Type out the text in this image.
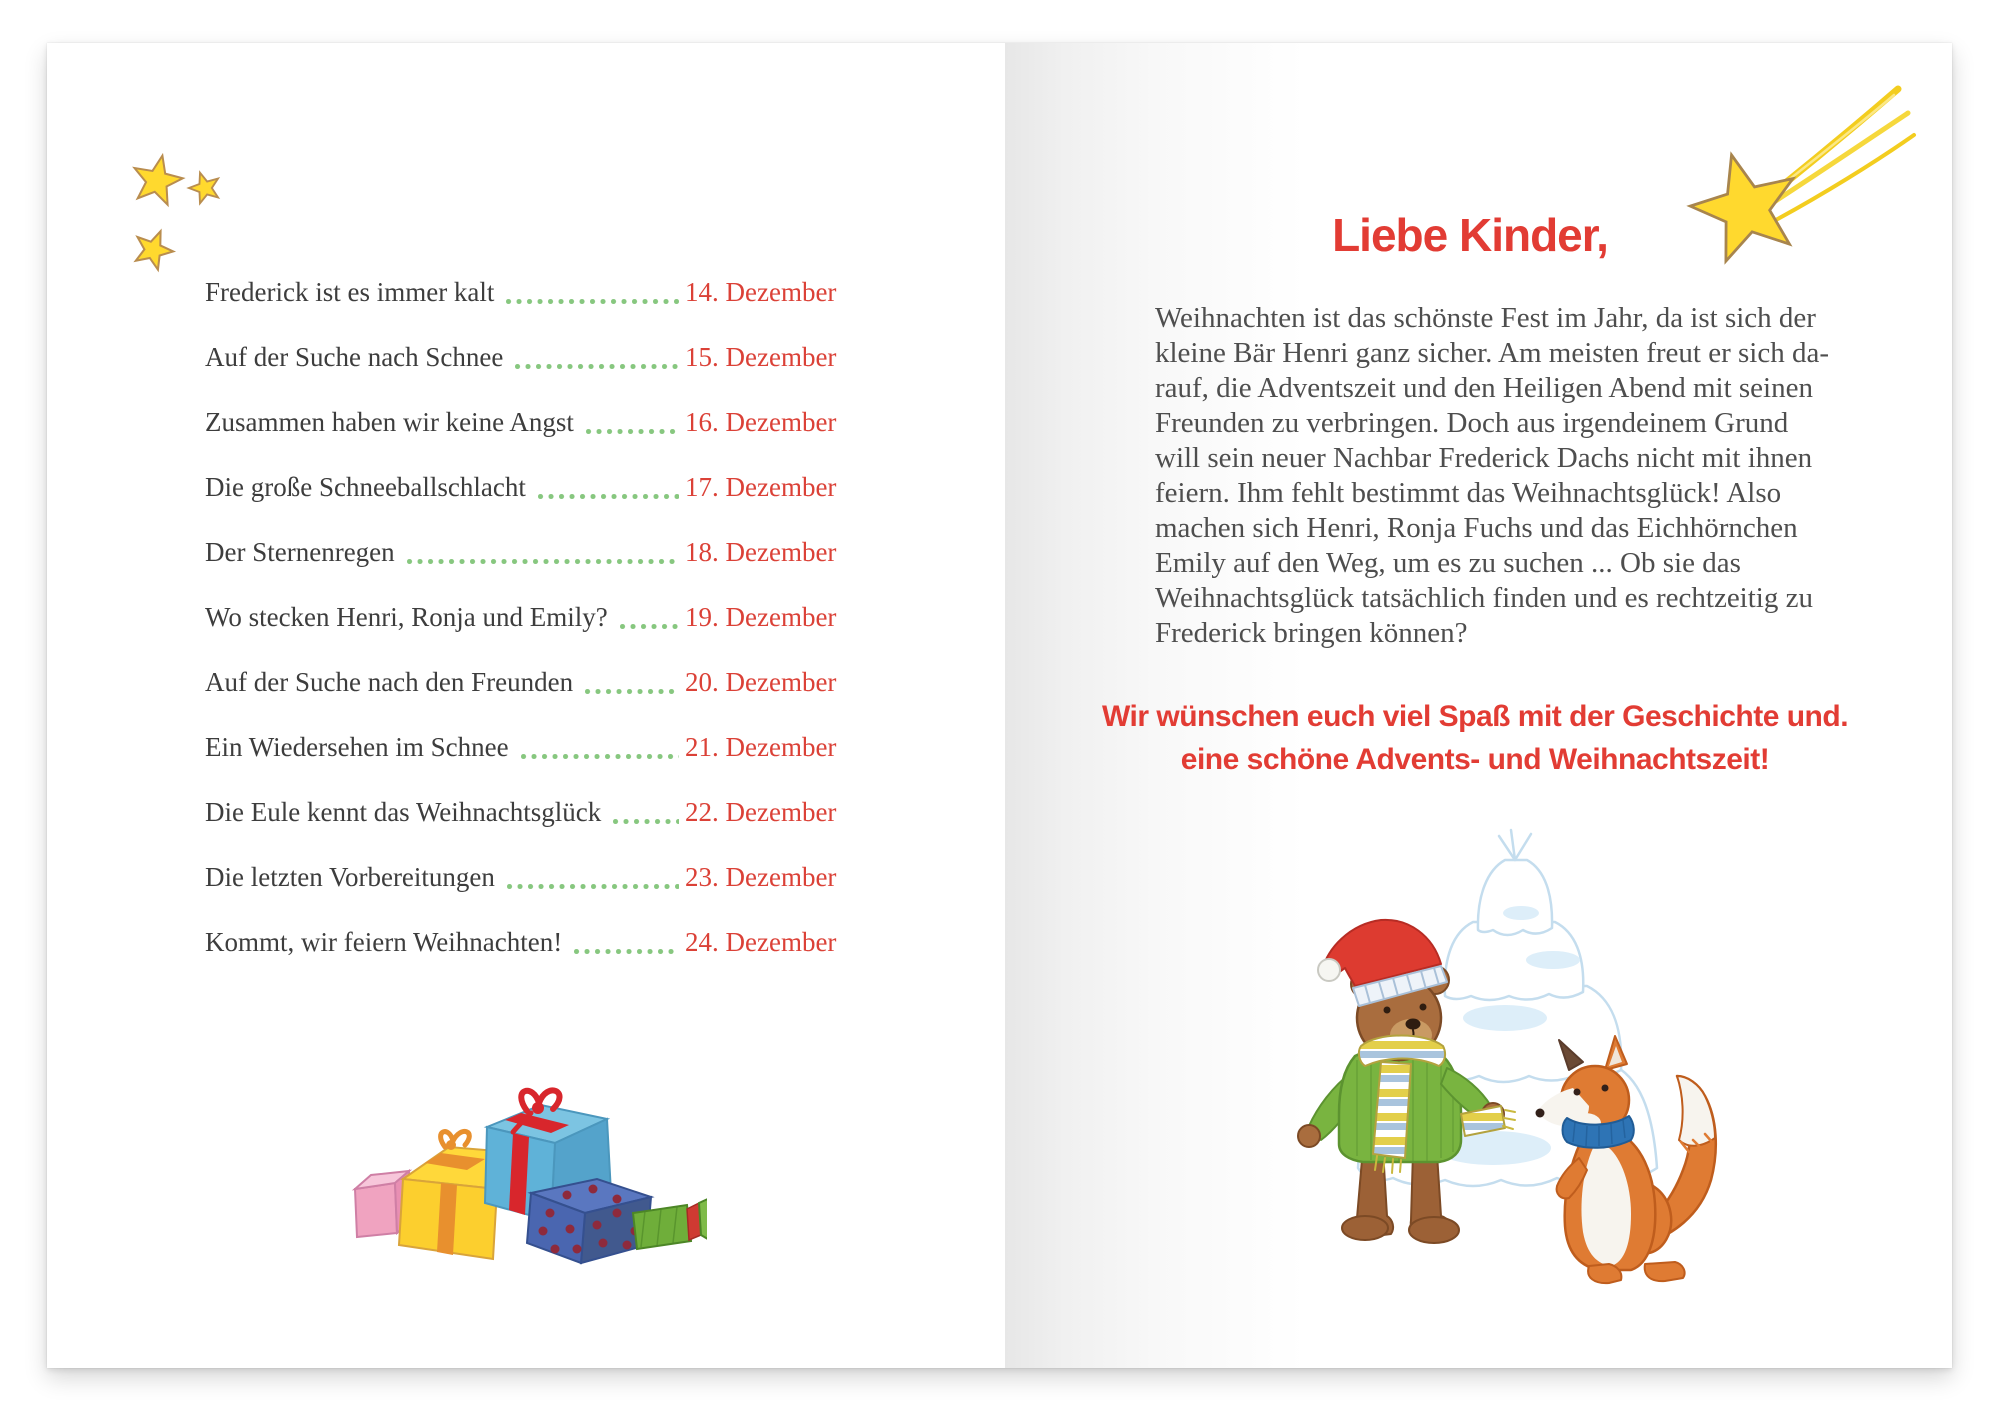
Frederick ist es immer kalt	14. Dezember
Auf der Suche nach Schnee	15. Dezember
Zusammen haben wir keine Angst	16. Dezember
Die große Schneeballschlacht	17. Dezember
Der Sternenregen	18. Dezember
Wo stecken Henri, Ronja und Emily?	19. Dezember
Auf der Suche nach den Freunden	20. Dezember
Ein Wiedersehen im Schnee	21. Dezember
Die Eule kennt das Weihnachtsglück	22. Dezember
Die letzten Vorbereitungen	23. Dezember
Kommt, wir feiern Weihnachten!	24. Dezember
Liebe Kinder,
Weihnachten ist das schönste Fest im Jahr, da ist sich der
kleine Bär Henri ganz sicher. Am meisten freut er sich da-
rauf, die Adventszeit und den Heiligen Abend mit seinen
Freunden zu verbringen. Doch aus irgendeinem Grund
will sein neuer Nachbar Frederick Dachs nicht mit ihnen
feiern. Ihm fehlt bestimmt das Weihnachtsglück! Also
machen sich Henri, Ronja Fuchs und das Eichhörnchen
Emily auf den Weg, um es zu suchen ... Ob sie das
Weihnachtsglück tatsächlich finden und es rechtzeitig zu
Frederick bringen können?
Wir wünschen euch viel Spaß mit der Geschichte und.
eine schöne Advents- und Weihnachtszeit!
